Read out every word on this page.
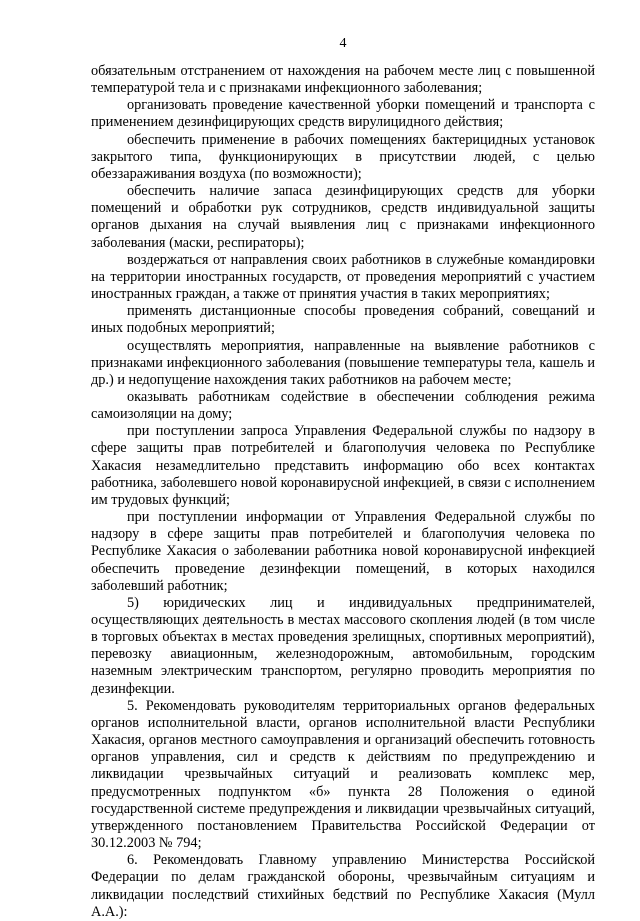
4

обязательным отстранением от нахождения на рабочем месте лиц с повышенной температурой тела и с признаками инфекционного заболевания;

организовать проведение качественной уборки помещений и транспорта с применением дезинфицирующих средств вирулицидного действия;

обеспечить применение в рабочих помещениях бактерицидных установок закрытого типа, функционирующих в присутствии людей, с целью обеззараживания воздуха (по возможности);

обеспечить наличие запаса дезинфицирующих средств для уборки помещений и обработки рук сотрудников, средств индивидуальной защиты органов дыхания на случай выявления лиц с признаками инфекционного заболевания (маски, респираторы);

воздержаться от направления своих работников в служебные командировки на территории иностранных государств, от проведения мероприятий с участием иностранных граждан, а также от принятия участия в таких мероприятиях;

применять дистанционные способы проведения собраний, совещаний и иных подобных мероприятий;

осуществлять мероприятия, направленные на выявление работников с признаками инфекционного заболевания (повышение температуры тела, кашель и др.) и недопущение нахождения таких работников на рабочем месте;

оказывать работникам содействие в обеспечении соблюдения режима самоизоляции на дому;

при поступлении запроса Управления Федеральной службы по надзору в сфере защиты прав потребителей и благополучия человека по Республике Хакасия незамедлительно представить информацию обо всех контактах работника, заболевшего новой коронавирусной инфекцией, в связи с исполнением им трудовых функций;

при поступлении информации от Управления Федеральной службы по надзору в сфере защиты прав потребителей и благополучия человека по Республике Хакасия о заболевании работника новой коронавирусной инфекцией обеспечить проведение дезинфекции помещений, в которых находился заболевший работник;

5) юридических лиц и индивидуальных предпринимателей, осуществляющих деятельность в местах массового скопления людей (в том числе в торговых объектах в местах проведения зрелищных, спортивных мероприятий), перевозку авиационным, железнодорожным, автомобильным, городским наземным электрическим транспортом, регулярно проводить мероприятия по дезинфекции.

5. Рекомендовать руководителям территориальных органов федеральных органов исполнительной власти, органов исполнительной власти Республики Хакасия, органов местного самоуправления и организаций обеспечить готовность органов управления, сил и средств к действиям по предупреждению и ликвидации чрезвычайных ситуаций и реализовать комплекс мер, предусмотренных подпунктом «б» пункта 28 Положения о единой государственной системе предупреждения и ликвидации чрезвычайных ситуаций, утвержденного постановлением Правительства Российской Федерации от 30.12.2003 № 794;

6. Рекомендовать Главному управлению Министерства Российской Федерации по делам гражданской обороны, чрезвычайным ситуациям и ликвидации последствий стихийных бедствий по Республике Хакасия (Мулл А.А.):
